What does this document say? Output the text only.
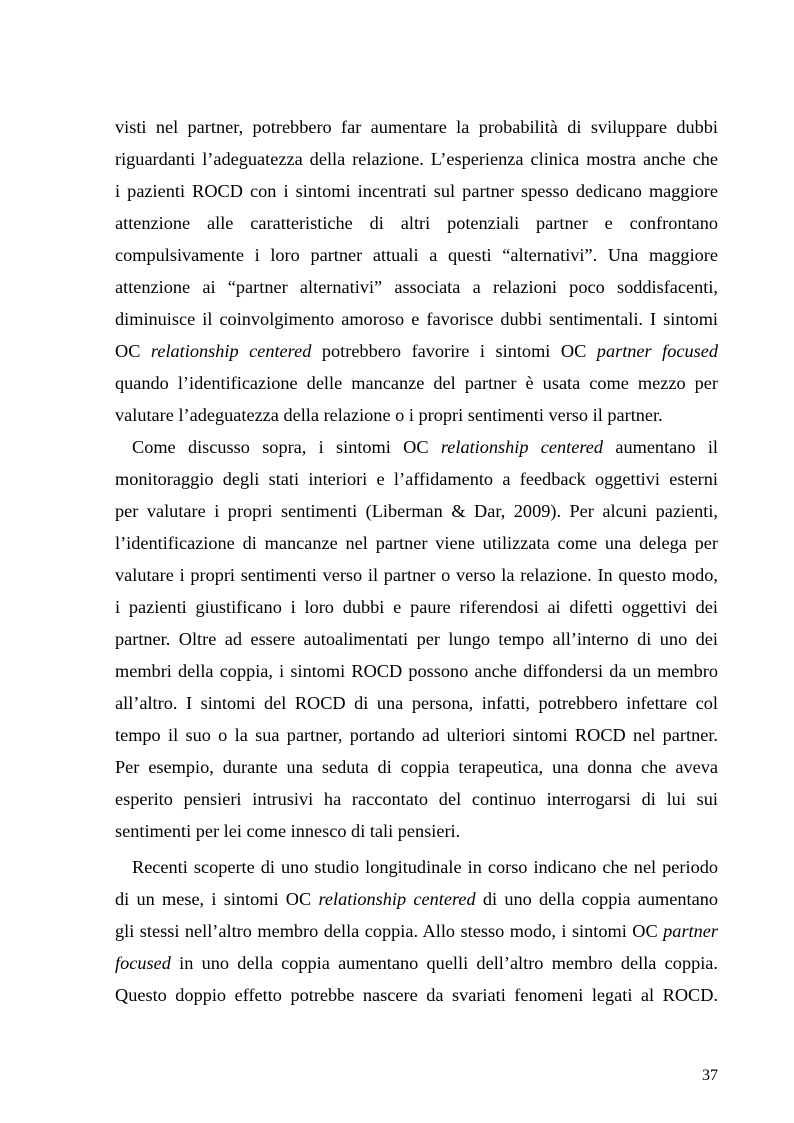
visti nel partner, potrebbero far aumentare la probabilità di sviluppare dubbi
riguardanti l’adeguatezza della relazione. L’esperienza clinica mostra anche che
i pazienti ROCD con i sintomi incentrati sul partner spesso dedicano maggiore
attenzione alle caratteristiche di altri potenziali partner e confrontano
compulsivamente i loro partner attuali a questi “alternativi”. Una maggiore
attenzione ai “partner alternativi” associata a relazioni poco soddisfacenti,
diminuisce il coinvolgimento amoroso e favorisce dubbi sentimentali. I sintomi
OC relationship centered potrebbero favorire i sintomi OC partner focused
quando l’identificazione delle mancanze del partner è usata come mezzo per
valutare l’adeguatezza della relazione o i propri sentimenti verso il partner.
Come discusso sopra, i sintomi OC relationship centered aumentano il
monitoraggio degli stati interiori e l’affidamento a feedback oggettivi esterni
per valutare i propri sentimenti (Liberman & Dar, 2009). Per alcuni pazienti,
l’identificazione di mancanze nel partner viene utilizzata come una delega per
valutare i propri sentimenti verso il partner o verso la relazione. In questo modo,
i pazienti giustificano i loro dubbi e paure riferendosi ai difetti oggettivi dei
partner. Oltre ad essere autoalimentati per lungo tempo all’interno di uno dei
membri della coppia, i sintomi ROCD possono anche diffondersi da un membro
all’altro. I sintomi del ROCD di una persona, infatti, potrebbero infettare col
tempo il suo o la sua partner, portando ad ulteriori sintomi ROCD nel partner.
Per esempio, durante una seduta di coppia terapeutica, una donna che aveva
esperito pensieri intrusivi ha raccontato del continuo interrogarsi di lui sui
sentimenti per lei come innesco di tali pensieri.
Recenti scoperte di uno studio longitudinale in corso indicano che nel periodo
di un mese, i sintomi OC relationship centered di uno della coppia aumentano
gli stessi nell’altro membro della coppia. Allo stesso modo, i sintomi OC partner
focused in uno della coppia aumentano quelli dell’altro membro della coppia.
Questo doppio effetto potrebbe nascere da svariati fenomeni legati al ROCD.
37
